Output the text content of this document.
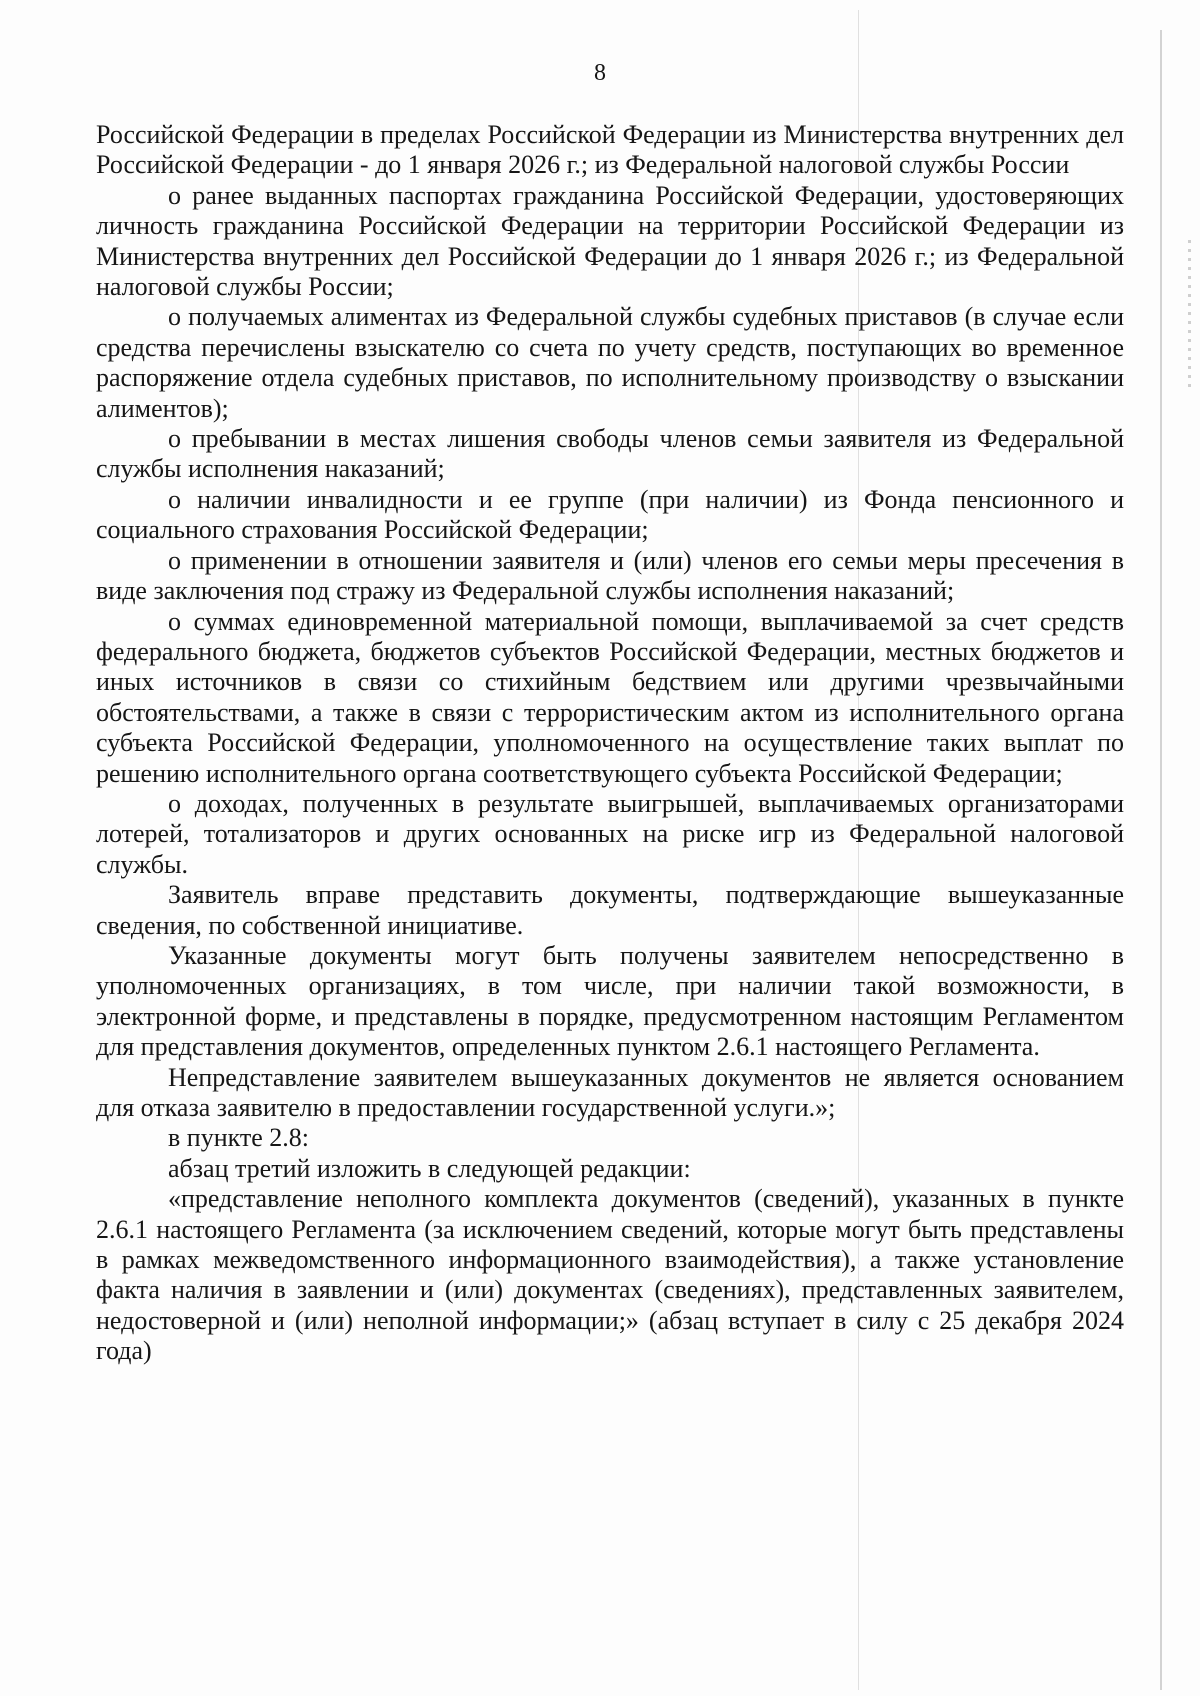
8

Российской Федерации в пределах Российской Федерации из Министерства внутренних дел Российской Федерации - до 1 января 2026 г.; из Федеральной налоговой службы России

о ранее выданных паспортах гражданина Российской Федерации, удостоверяющих личность гражданина Российской Федерации на территории Российской Федерации из Министерства внутренних дел Российской Федерации до 1 января 2026 г.; из Федеральной налоговой службы России;

о получаемых алиментах из Федеральной службы судебных приставов (в случае если средства перечислены взыскателю со счета по учету средств, поступающих во временное распоряжение отдела судебных приставов, по исполнительному производству о взыскании алиментов);

о пребывании в местах лишения свободы членов семьи заявителя из Федеральной службы исполнения наказаний;

о наличии инвалидности и ее группе (при наличии) из Фонда пенсионного и социального страхования Российской Федерации;

о применении в отношении заявителя и (или) членов его семьи меры пресечения в виде заключения под стражу из Федеральной службы исполнения наказаний;

о суммах единовременной материальной помощи, выплачиваемой за счет средств федерального бюджета, бюджетов субъектов Российской Федерации, местных бюджетов и иных источников в связи со стихийным бедствием или другими чрезвычайными обстоятельствами, а также в связи с террористическим актом из исполнительного органа субъекта Российской Федерации, уполномоченного на осуществление таких выплат по решению исполнительного органа соответствующего субъекта Российской Федерации;

о доходах, полученных в результате выигрышей, выплачиваемых организаторами лотерей, тотализаторов и других основанных на риске игр из Федеральной налоговой службы.

Заявитель вправе представить документы, подтверждающие вышеуказанные сведения, по собственной инициативе.

Указанные документы могут быть получены заявителем непосредственно в уполномоченных организациях, в том числе, при наличии такой возможности, в электронной форме, и представлены в порядке, предусмотренном настоящим Регламентом для представления документов, определенных пунктом 2.6.1 настоящего Регламента.

Непредставление заявителем вышеуказанных документов не является основанием для отказа заявителю в предоставлении государственной услуги.»;

в пункте 2.8:

абзац третий изложить в следующей редакции:

«представление неполного комплекта документов (сведений), указанных в пункте 2.6.1 настоящего Регламента (за исключением сведений, которые могут быть представлены в рамках межведомственного информационного взаимодействия), а также установление факта наличия в заявлении и (или) документах (сведениях), представленных заявителем, недостоверной и (или) неполной информации;» (абзац вступает в силу с 25 декабря 2024 года)
